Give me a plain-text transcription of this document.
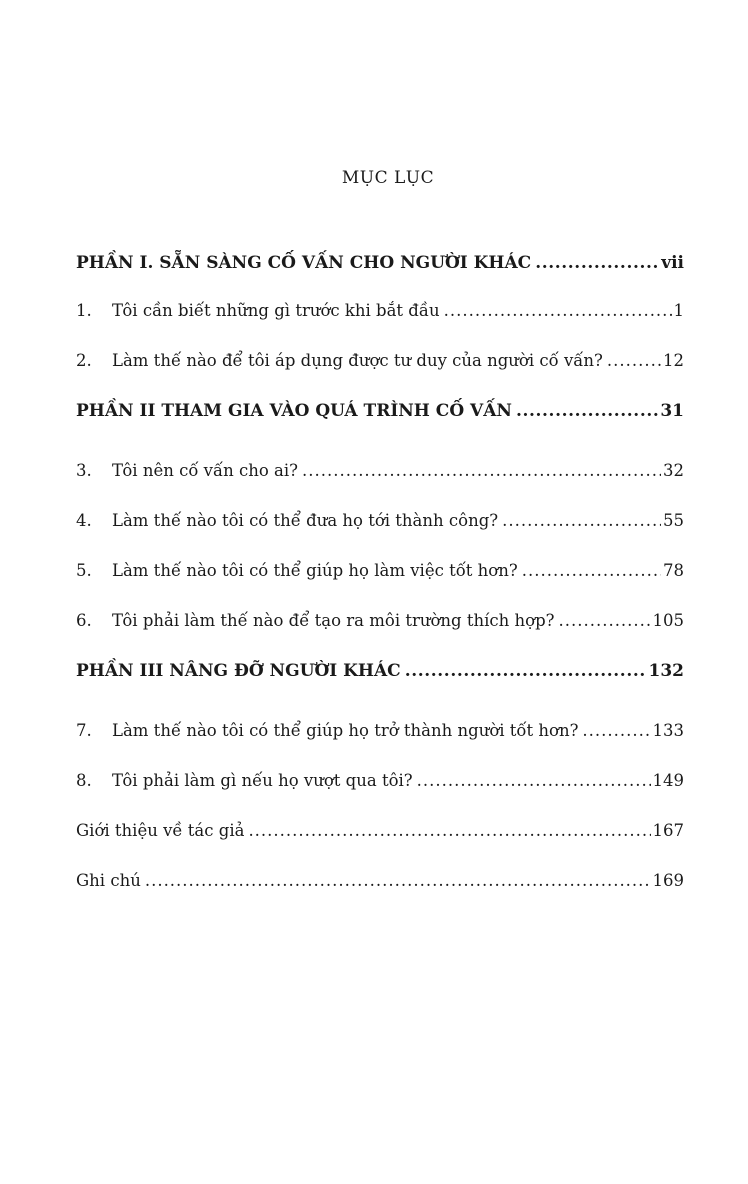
MỤC LỤC
PHẦN I. SẴN SÀNG CỐ VẤN CHO NGƯỜI KHÁC .....	vii
1.	Tôi cần biết những gì trước khi bắt đầu .....	1
2.	Làm thế nào để tôi áp dụng được tư duy của người cố vấn? .....	12
PHẦN II THAM GIA VÀO QUÁ TRÌNH CỐ VẤN .....	31
3.	Tôi nên cố vấn cho ai? .....	32
4.	Làm thế nào tôi có thể đưa họ tới thành công? .....	55
5.	Làm thế nào tôi có thể giúp họ làm việc tốt hơn? .....	78
6.	Tôi phải làm thế nào để tạo ra môi trường thích hợp? .....	105
PHẦN III NÂNG ĐỠ NGƯỜI KHÁC .....	132
7.	Làm thế nào tôi có thể giúp họ trở thành người tốt hơn? .....	133
8.	Tôi phải làm gì nếu họ vượt qua tôi? .....	149
Giới thiệu về tác giả .....	167
Ghi chú .....	169
